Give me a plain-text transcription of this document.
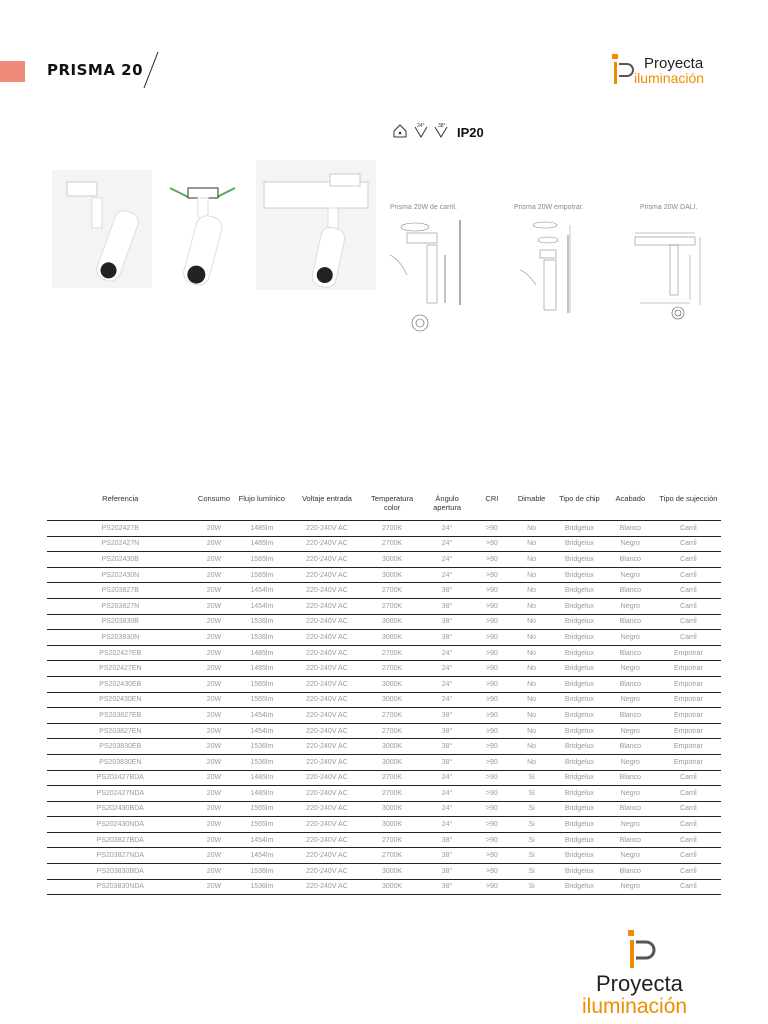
PRISMA 20	Proyecta
iluminación
24°	38° IP20
Prisma 20W de carril.	Prisma 20W empotrar.	Prisma 20W DALI.
Referencia	Consumo	Flujo lumínico	Voltaje entrada	Temperatura color	Ángulo apertura	CRI	Dimable	Tipo de chip	Acabado	Tipo de sujección
PS202427B	20W	1485lm	220-240V AC	2700K	24°	>90	No	Bridgelux	Blanco	Carril
PS202427N	20W	1485lm	220-240V AC	2700K	24°	>90	No	Bridgelux	Negro	Carril
PS202430B	20W	1565lm	220-240V AC	3000K	24°	>90	No	Bridgelux	Blanco	Carril
PS202430N	20W	1565lm	220-240V AC	3000K	24°	>90	No	Bridgelux	Negro	Carril
PS203827B	20W	1454lm	220-240V AC	2700K	38°	>90	No	Bridgelux	Blanco	Carril
PS203827N	20W	1454lm	220-240V AC	2700K	38°	>90	No	Bridgelux	Negro	Carril
PS203830B	20W	1536lm	220-240V AC	3000K	38°	>90	No	Bridgelux	Blanco	Carril
PS203830N	20W	1536lm	220-240V AC	3000K	38°	>90	No	Bridgelux	Negro	Carril
PS202427EB	20W	1485lm	220-240V AC	2700K	24°	>90	No	Bridgelux	Blanco	Empotrar
PS202427EN	20W	1485lm	220-240V AC	2700K	24°	>90	No	Bridgelux	Negro	Empotrar
PS202430EB	20W	1565lm	220-240V AC	3000K	24°	>90	No	Bridgelux	Blanco	Empotrar
PS202430EN	20W	1565lm	220-240V AC	3000K	24°	>90	No	Bridgelux	Negro	Empotrar
PS203827EB	20W	1454lm	220-240V AC	2700K	38°	>90	No	Bridgelux	Blanco	Empotrar
PS203827EN	20W	1454lm	220-240V AC	2700K	38°	>90	No	Bridgelux	Negro	Empotrar
PS203830EB	20W	1536lm	220-240V AC	3000K	38°	>90	No	Bridgelux	Blanco	Empotrar
PS203830EN	20W	1536lm	220-240V AC	3000K	38°	>90	No	Bridgelux	Negro	Empotrar
PS202427BDA	20W	1485lm	220-240V AC	2700K	24°	>90	Si	Bridgelux	Blanco	Carril
PS202427NDA	20W	1485lm	220-240V AC	2700K	24°	>90	Si	Bridgelux	Negro	Carril
PS202430BDA	20W	1565lm	220-240V AC	3000K	24°	>90	Si	Bridgelux	Blanco	Carril
PS202430NDA	20W	1565lm	220-240V AC	3000K	24°	>90	Si	Bridgelux	Negro	Carril
PS203827BDA	20W	1454lm	220-240V AC	2700K	38°	>90	Si	Bridgelux	Blanco	Carril
PS203827NDA	20W	1454lm	220-240V AC	2700K	38°	>90	Si	Bridgelux	Negro	Carril
PS203830BDA	20W	1536lm	220-240V AC	3000K	38°	>90	Si	Bridgelux	Blanco	Carril
PS203830NDA	20W	1536lm	220-240V AC	3000K	38°	>90	Si	Bridgelux	Negro	Carril
Proyecta
iluminación
